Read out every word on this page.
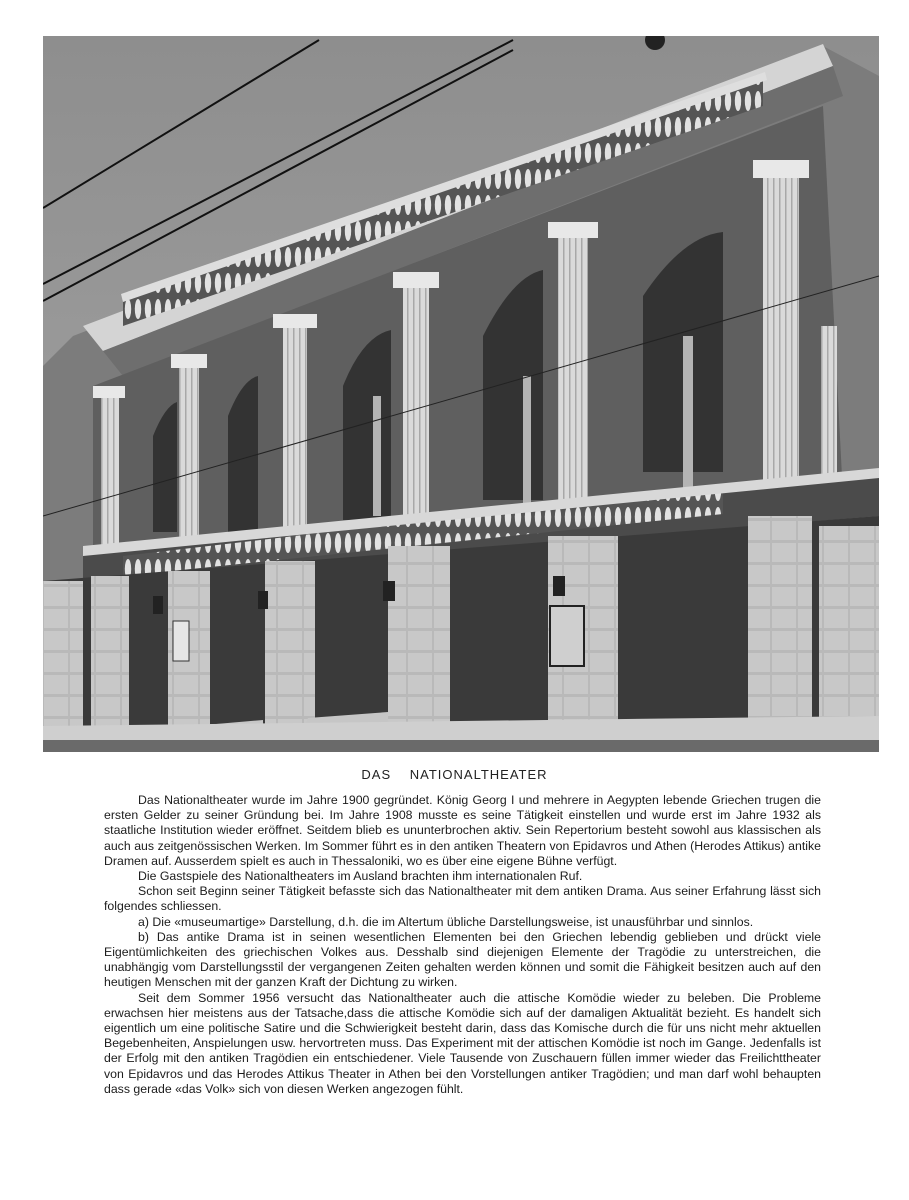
DAS NATIONALTHEATER

Das Nationaltheater wurde im Jahre 1900 gegründet. König Georg I und mehrere in Aegypten lebende Griechen trugen die ersten Gelder zu seiner Gründung bei. Im Jahre 1908 musste es seine Tätigkeit einstellen und wurde erst im Jahre 1932 als staatliche Institution wieder eröffnet. Seitdem blieb es ununterbrochen aktiv. Sein Repertorium besteht sowohl aus klassischen als auch aus zeitgenössischen Werken. Im Sommer führt es in den antiken Theatern von Epidavros und Athen (Herodes Attikus) antike Dramen auf. Ausserdem spielt es auch in Thessaloniki, wo es über eine eigene Bühne verfügt.

Die Gastspiele des Nationaltheaters im Ausland brachten ihm internationalen Ruf.

Schon seit Beginn seiner Tätigkeit befasste sich das Nationaltheater mit dem antiken Drama. Aus seiner Erfahrung lässt sich folgendes schliessen.

a) Die «museumartige» Darstellung, d.h. die im Altertum übliche Darstellungsweise, ist unausführbar und sinnlos.

b) Das antike Drama ist in seinen wesentlichen Elementen bei den Griechen lebendig geblieben und drückt viele Eigentümlichkeiten des griechischen Volkes aus. Desshalb sind diejenigen Elemente der Tragödie zu unterstreichen, die unabhängig vom Darstellungsstil der vergangenen Zeiten gehalten werden können und somit die Fähigkeit besitzen auch auf den heutigen Menschen mit der ganzen Kraft der Dichtung zu wirken.

Seit dem Sommer 1956 versucht das Nationaltheater auch die attische Komödie wieder zu beleben. Die Probleme erwachsen hier meistens aus der Tatsache,dass die attische Komödie sich auf der damaligen Aktualität bezieht. Es handelt sich eigentlich um eine politische Satire und die Schwierigkeit besteht darin, dass das Komische durch die für uns nicht mehr aktuellen Begebenheiten, Anspielungen usw. hervortreten muss. Das Experiment mit der attischen Komödie ist noch im Gange. Jedenfalls ist der Erfolg mit den antiken Tragödien ein entschiedener. Viele Tausende von Zuschauern füllen immer wieder das Freilichttheater von Epidavros und das Herodes Attikus Theater in Athen bei den Vorstellungen antiker Tragödien; und man darf wohl behaupten dass gerade «das Volk» sich von diesen Werken angezogen fühlt.
